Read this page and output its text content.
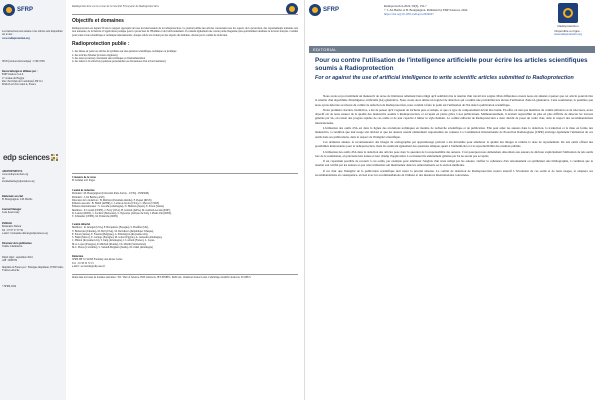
SFRP
Les instructions aux auteurs et les articles sont disponibles sur le site :
www.radioprotection.org
ISSN (version électronique) : 1769-700X
Revue hébergée et diffusée par :
EDP Sciences S.A.S.
17 avenue du Hoggar
Parc d'activités de Courtabœuf, BP 112
91944 Les Ulis Cedex A, France
edp sciences
ABONNEMENTS
www.radioprotection.org
ou
abonnements@edpsciences.org
Rédacteurs en chef
B. Bourguignon, J.M. Bertho
Journal Manager
Lena Kourovsky
Publicité
Bernadette Dufour
Tel : 07 87 57 07 59
e-mail : bernadette.dufour@edpsciences.org
Directeur de la publication
Valérie Chambertin
Dépôt légal : septembre 2024
AIP : 0000782
Imprimé en France par : Fabrègue imprimeur, 87500 Saint-Yrieix-la-Perche
©SFRP, 2024
Radioprotection est la revue de la Société Française de Radioprotection.
Objectifs et domaines

Radioprotection est depuis 50 ans le support approprié de tous les intervenants de la radioprotection. Ce journal publie des articles concernant tous les aspects de la protection, des rayonnements ionisants aux non ionisants, de la théorie à l'application pratique pour la protection de l'Homme et de l'environnement. Il contient également une courte partie magazine plus spécialement destinée au lectorat français. Comme pour toute revue scientifique et technique internationale, chaque article est évalué par des experts du domaine, choisis par le comité de rédaction.

Radioprotection publie :
1. des mises au point ou articles de synthèse sur une question scientifique, technique ou juridique
2. des articles d'études (travaux originaux)
3. des notes (courtes) concernant une technique ou l'instrumentation
4. des lettres à la rédaction (opinions personnelles ou discussions d'un travail antérieur)
Créateurs de la revue
H. Jammet et P. Pages
Comité de rédaction
Président : M. Bourguignon (Université Paris-Saclay - UVSQ - INSERM)
Président : J.-M. Bertho (ASN)
Directeur de la rédaction : H. Métivier (Président émérite), F. Paquet (IRSN)
Editeurs associés : B. Habib (APHP), L. Lebaron-Jacobs (CEA), C. Mercat (CNRS)
Éditeurs internationaux : S. Groothe (Allemagne), N. Hamada (Japon), E. Eaton (Suisse)
Membres : P. Crouail (CEPN), J. Ferry (CEA), H. Gallard (AIEA), M. Gaillard-Lecanu (EDF),
D. Laurier (IRSN), J. Lochard (Honoraire), S. Ngwenya (Afrique du Sud), I. Pham-Van (IRSN),
T. Schneider (CEPN), M. Tirmarche (IRSN)
Comité éditorial
Membres : R. Abergel (USA), F. Barquinero (Espagne), S. Bouffler (UK),
V. Berkovski (Ukraine), M. Boll (USA), M. Davidkova (République Tchèque),
E. Eaton (Suisse), F. Fournet (Belgique), G. Etherington (Royaume-Uni),
S. Fakhr (Maroc), E. Gallego (Espagne), M. Gaber (Egypte), A. Giussani (Allemagne),
C. Hinton (Royaume-Uni), T. Jung (Allemagne), J. Lochard (France), L. Lopez,
M.A. Lopez (Espagne), P. Mitchell (Irlande), Ch. Murith (Switzerland),
M.C. Plazas (Colombie), S. Sundell-Bergman (Suède), M. Zankl (Allemagne)
Rédaction
SFRP, BP 72, 92263 Fontenay-aux-Roses Cedex
Tél. : 01 58 35 72 15
e-mail : secretariat@sfrp.asso.fr
Index dans les bases de données suivantes : ISI / Web of Science, INIS Abstracts, IET INSPEC, PASCAL, Chemical abstracts and, Cambridge scientific abstracts, SCOPUS
SFRP
Radioprotection 2024, 59(3), 152-?
© J.-M. Bertho et B. Bourguignon. Published by EDP Sciences, 2024
https://doi.org/10.1051/radiopro/2024027
Radioprotection
Disponible en ligne :
www.radioprotection.org
EDITORIAL
Pour ou contre l'utilisation de l'intelligence artificielle pour écrire les articles scientifiques soumis à Radioprotection
For or against the use of artificial intelligence to write scientific articles submitted to Radioprotection

Nous avons reçu récemment un manuscrit de revue de littérature tellement bien rédigé qu'il semblait être le résultat d'un travail très soigné. Mais différentes erreurs nous ont amenés à penser que cet article pourrait être le résultat d'un algorithme d'intelligence artificielle (IA) générative. Nous avons alors utilisé un logiciel de détection qui a estimé une probabilité très élevée d'utilisation d'une IA générative. Cette soumission, la première que nous ayons détectée au niveau du comité de rédaction de Radioprotection, nous conduit à faire le point sur l'utilisation de l'IA dans la publication scientifique.

Notre première réaction, instinctive, a été de penser qu'il s'agissait de tricherie pure et simple, et que ce type de comportement devait être banni. En effet, en tant que membres du comité éditorial ou de relecteurs, notre objectif est de nous assurer de la qualité des manuscrits soumis à Radioprotection, et acceptés en partie grâce à nos publications. Malheureusement, il devient aujourd'hui de plus en plus difficile de détecter les travaux générés par IA, en raison des progrès rapides de ces outils et de leur capacité à imiter le style humain. Le comité éditorial de Radioprotection a donc décidé de poser un cadre clair, dans le respect des recommandations internationales.

L'utilisation des outils d'IA est dans la lignée des évolutions techniques en matière de recherche scientifique et de publication. Elle peut aider les auteurs dans la rédaction, la traduction et la mise en forme des manuscrits, à condition que leur usage soit déclaré et que les auteurs restent entièrement responsables du contenu. La Commission Internationale de Protection Radiologique (CIPR) envisage également l'utilisation de ces outils dans ses publications, dans le respect de l'intégrité scientifique.

Ces dernières années, la reconnaissance des images de scénographie par apprentissage profond a été introduite pour améliorer la qualité des images et réduire la dose de rayonnement. De tels outils offrent des possibilités intéressantes pour la radioprotection, mais ils soulèvent également des questions éthiques quant à l'authenticité et à la reproductibilité des résultats publiés.

L'utilisation des outils d'IA dans la rédaction des articles pose donc la question de la responsabilité des auteurs. C'est pourquoi nous demandons désormais aux auteurs de déclarer explicitement l'utilisation de tels outils lors de la soumission, en précisant leur nature et leur champ d'application. Les manuscrits entièrement générés par IA ne seront pas acceptés.

Il est cependant possible de recourir à ces outils, par exemple pour améliorer l'anglais d'un texte rédigé par les auteurs, vérifier la cohérence d'un raisonnement ou synthétiser une bibliographie, à condition que le résultat soit vérifié par les auteurs et que cette utilisation soit mentionnée dans les remerciements ou la section méthodes.

Il est clair que l'intégrité de la publication scientifique doit rester la priorité absolue. Le comité de rédaction de Radioprotection restera attentif à l'évolution de ces outils et de leurs usages, et adaptera ses recommandations en conséquence, en lien avec les recommandations de l'éditeur et des instances internationales concernées.
